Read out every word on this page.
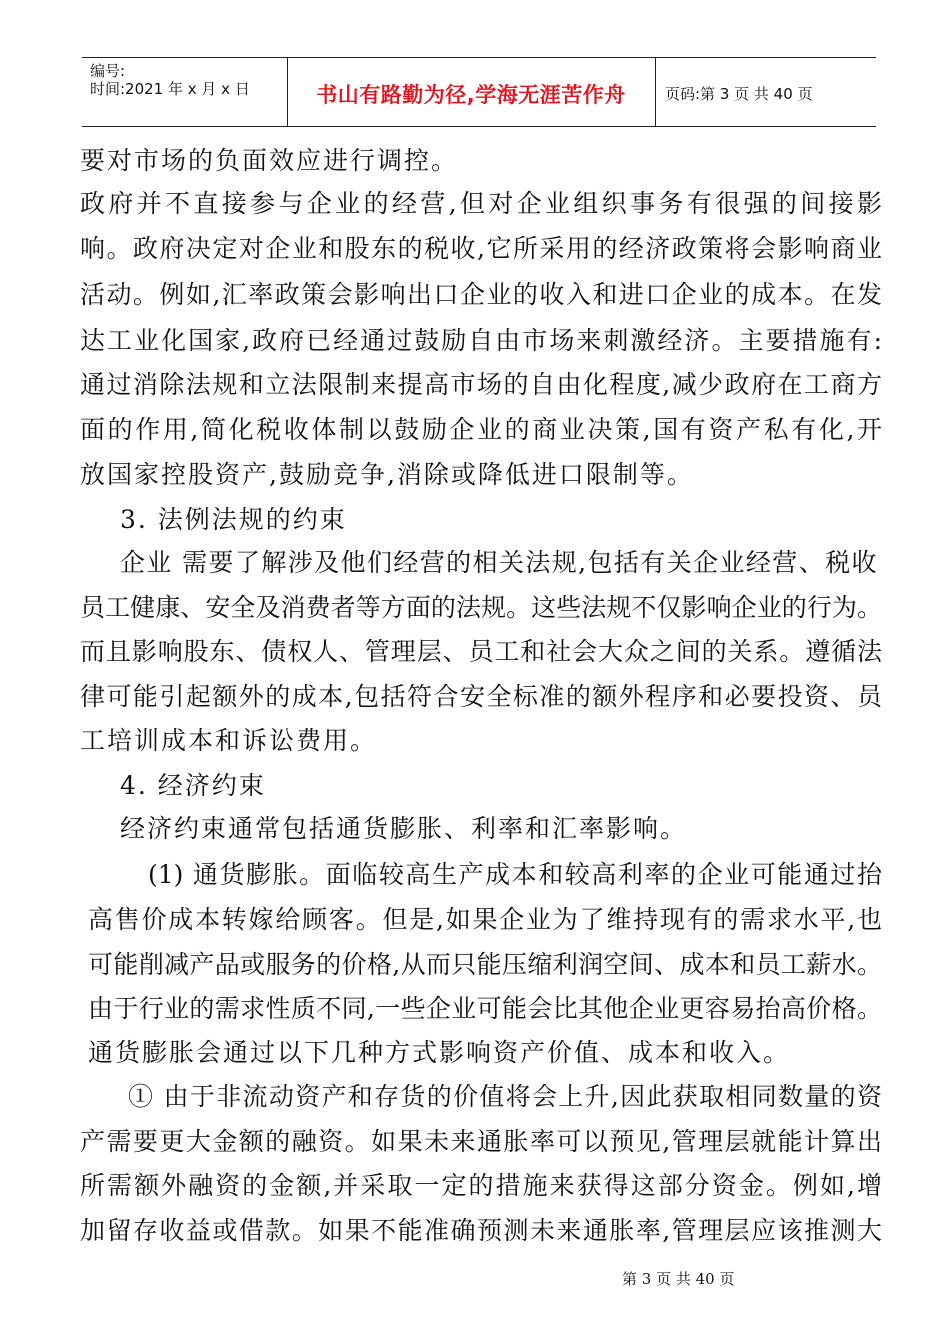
编号:
时间:2021 年 x 月 x 日	书山有路勤为径,学海无涯苦作舟	页码:第 3 页 共 40 页
要对市场的负面效应进行调控。
政府并不直接参与企业的经营,但对企业组织事务有很强的间接影
响。政府决定对企业和股东的税收,它所采用的经济政策将会影响商业
活动。例如,汇率政策会影响出口企业的收入和进口企业的成本。在发
达工业化国家,政府已经通过鼓励自由市场来刺激经济。主要措施有:
通过消除法规和立法限制来提高市场的自由化程度,减少政府在工商方
面的作用,简化税收体制以鼓励企业的商业决策,国有资产私有化,开
放国家控股资产,鼓励竞争,消除或降低进口限制等。
3. 法例法规的约束
企业 需要了解涉及他们经营的相关法规,包括有关企业经营、税收
员工健康、安全及消费者等方面的法规。这些法规不仅影响企业的行为。
而且影响股东、债权人、管理层、员工和社会大众之间的关系。遵循法
律可能引起额外的成本,包括符合安全标准的额外程序和必要投资、员
工培训成本和诉讼费用。
4. 经济约束
经济约束通常包括通货膨胀、利率和汇率影响。
(1) 通货膨胀。面临较高生产成本和较高利率的企业可能通过抬
高售价成本转嫁给顾客。但是,如果企业为了维持现有的需求水平,也
可能削减产品或服务的价格,从而只能压缩利润空间、成本和员工薪水。
由于行业的需求性质不同,一些企业可能会比其他企业更容易抬高价格。
通货膨胀会通过以下几种方式影响资产价值、成本和收入。
① 由于非流动资产和存货的价值将会上升,因此获取相同数量的资
产需要更大金额的融资。如果未来通胀率可以预见,管理层就能计算出
所需额外融资的金额,并采取一定的措施来获得这部分资金。例如,增
加留存收益或借款。如果不能准确预测未来通胀率,管理层应该推测大
第 3 页 共 40 页
